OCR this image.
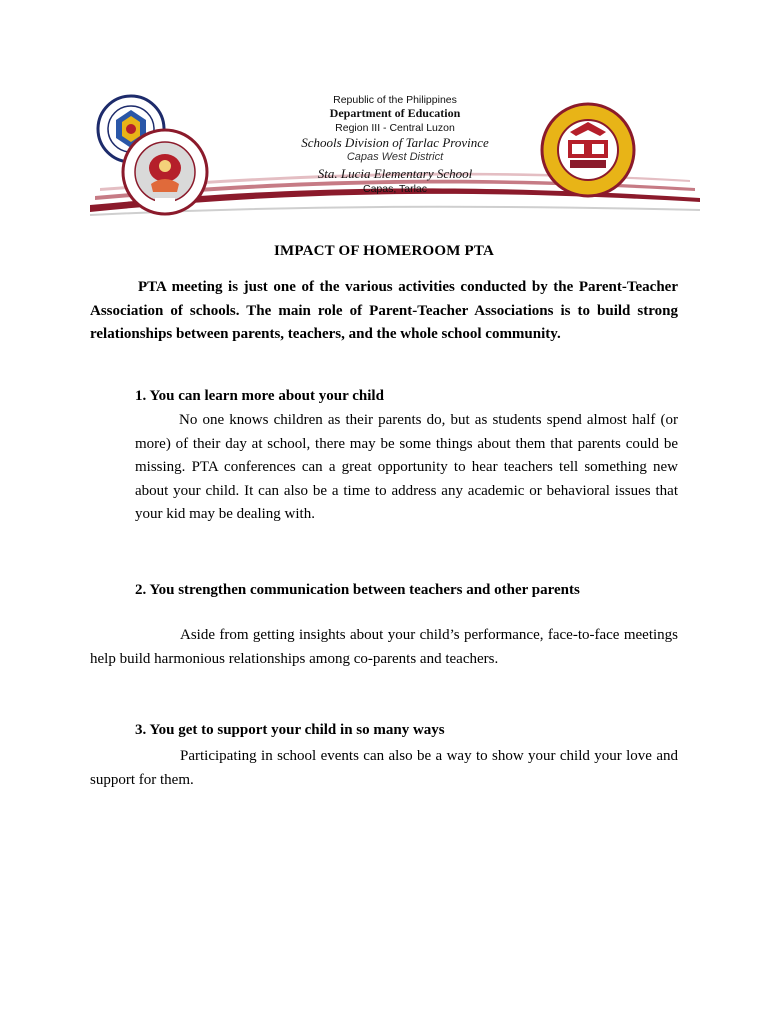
Republic of the Philippines
Department of Education
Region III - Central Luzon
Schools Division of Tarlac Province
Capas West District
Sta. Lucia Elementary School
Capas, Tarlac
IMPACT OF HOMEROOM PTA
PTA meeting is just one of the various activities conducted by the Parent-Teacher Association of schools. The main role of Parent-Teacher Associations is to build strong relationships between parents, teachers, and the whole school community.
1. You can learn more about your child
No one knows children as their parents do, but as students spend almost half (or more) of their day at school, there may be some things about them that parents could be missing. PTA conferences can a great opportunity to hear teachers tell something new about your child. It can also be a time to address any academic or behavioral issues that your kid may be dealing with.
2. You strengthen communication between teachers and other parents
Aside from getting insights about your child’s performance, face-to-face meetings help build harmonious relationships among co-parents and teachers.
3. You get to support your child in so many ways
Participating in school events can also be a way to show your child your love and support for them.
